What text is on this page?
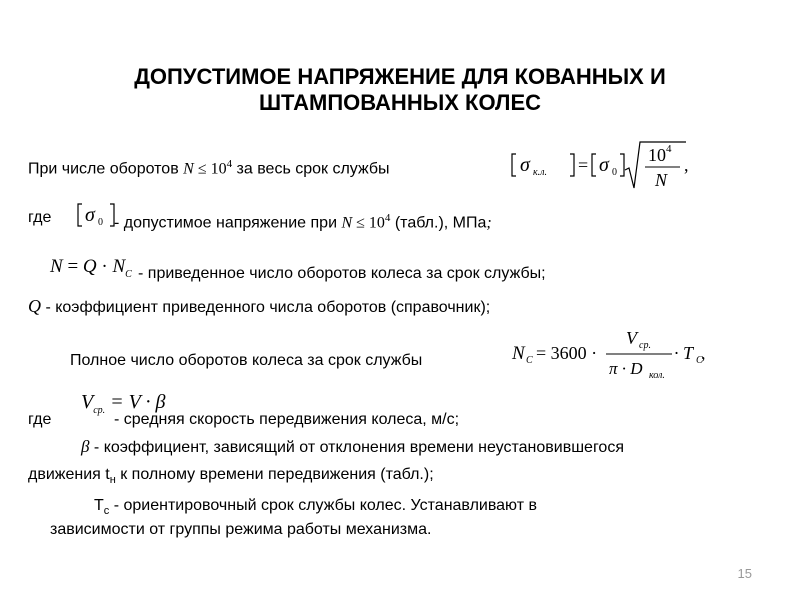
ДОПУСТИМОЕ НАПРЯЖЕНИЕ ДЛЯ КОВАННЫХ И
ШТАМПОВАННЫХ КОЛЕС
При числе оборотов $N \le 10^4$ за весь срок службы	σ к.л. = σ 0
10 4
N
,
где σ 0 - допустимое напряжение при $N \le 10^4$ (табл.), МПа;
$N = Q \cdot N_C$ - приведенное число оборотов колеса за срок службы;
Q - коэффициент приведенного числа оборотов (справочник);
Полное число оборотов колеса за срок службы	N C = 3600 ·
V ср.
π · D кол.
· T C
,
где
$V_{ср.} = V \cdot \beta$
- средняя скорость передвижения колеса, м/с;
β - коэффициент, зависящий от отклонения времени неустановившегося
движения $t_н$ к полному времени передвижения (табл.);
$Т_с$ - ориентировочный срок службы колес. Устанавливают в
зависимости от группы режима работы механизма.
15
